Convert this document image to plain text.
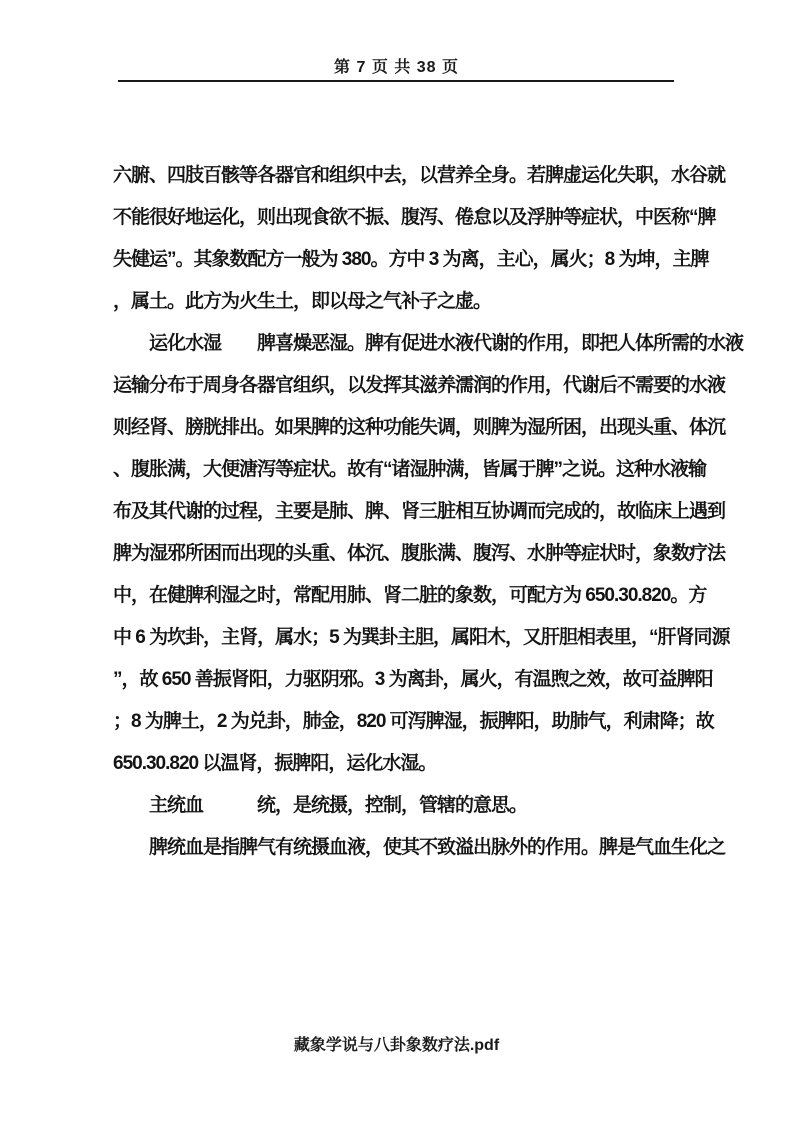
第 7 页 共 38 页
六腑、四肢百骸等各器官和组织中去，以营养全身。若脾虚运化失职，水谷就
不能很好地运化，则出现食欲不振、腹泻、倦怠以及浮肿等症状，中医称“脾
失健运”。其象数配方一般为 380。方中 3 为离，主心，属火；8 为坤，主脾
，属土。此方为火生土，即以母之气补子之虚。
　　运化水湿　　脾喜燥恶湿。脾有促进水液代谢的作用，即把人体所需的水液
运输分布于周身各器官组织，以发挥其滋养濡润的作用，代谢后不需要的水液
则经肾、膀胱排出。如果脾的这种功能失调，则脾为湿所困，出现头重、体沉
、腹胀满，大便溏泻等症状。故有“诸湿肿满，皆属于脾”之说。这种水液输
布及其代谢的过程，主要是肺、脾、肾三脏相互协调而完成的，故临床上遇到
脾为湿邪所困而出现的头重、体沉、腹胀满、腹泻、水肿等症状时，象数疗法
中，在健脾利湿之时，常配用肺、肾二脏的象数，可配方为 650.30.820。方
中 6 为坎卦，主肾，属水；5 为巽卦主胆，属阳木，又肝胆相表里，“肝肾同源
”，故 650 善振肾阳，力驱阴邪。3 为离卦，属火，有温煦之效，故可益脾阳
；8 为脾土，2 为兑卦，肺金，820 可泻脾湿，振脾阳，助肺气，利肃降；故
650.30.820 以温肾，振脾阳，运化水湿。
　　主统血　　　统，是统摄，控制，管辖的意思。
　　脾统血是指脾气有统摄血液，使其不致溢出脉外的作用。脾是气血生化之
藏象学说与八卦象数疗法.pdf
